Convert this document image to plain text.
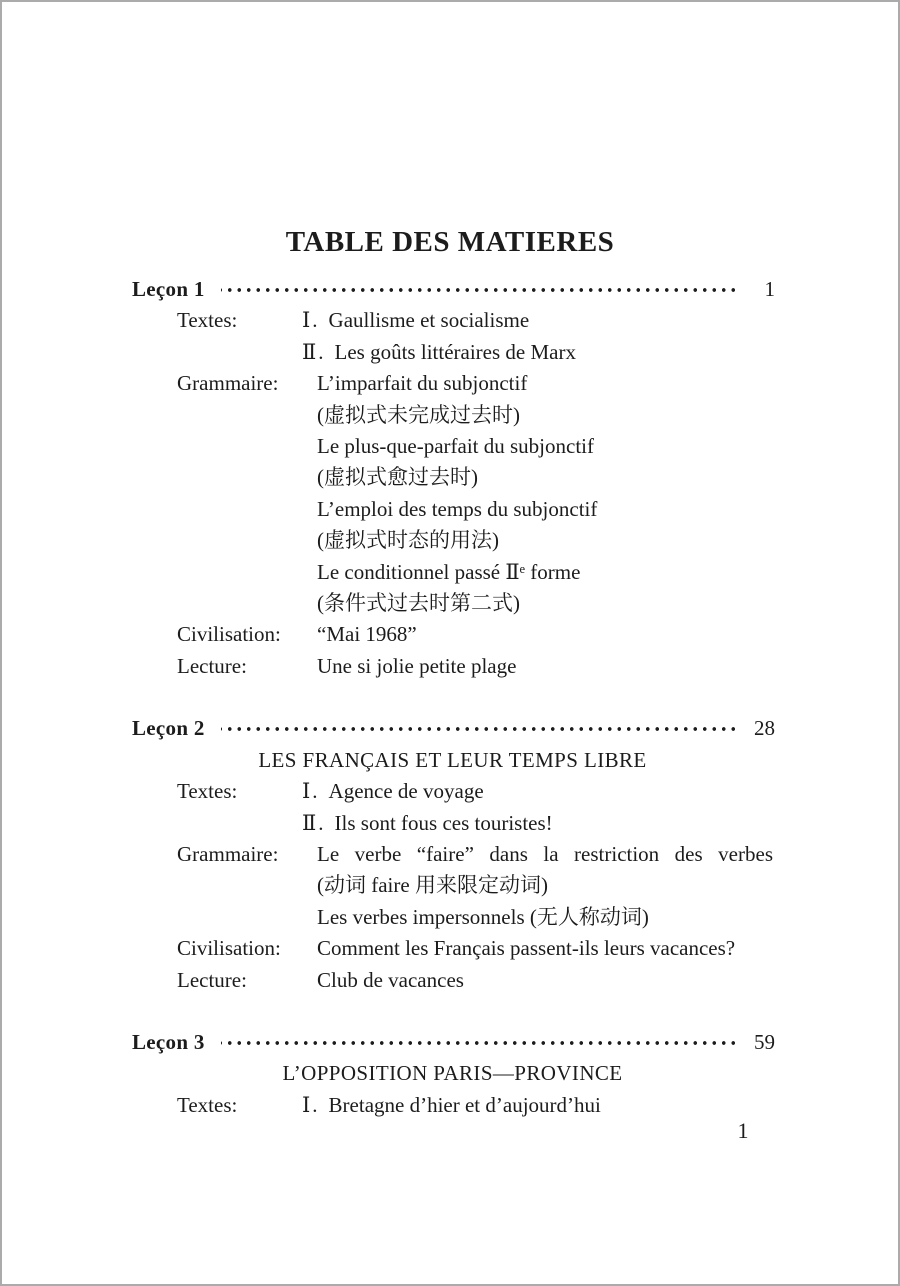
TABLE DES MATIERES
Leçon 1	1
Textes:	Ⅰ. Gaullisme et socialisme
Ⅱ. Les goûts littéraires de Marx
Grammaire:	L’imparfait du subjonctif
(虚拟式未完成过去时)
Le plus-que-parfait du subjonctif
(虚拟式愈过去时)
L’emploi des temps du subjonctif
(虚拟式时态的用法)
Le conditionnel passé Ⅱᵉ forme
(条件式过去时第二式)
Civilisation:	“Mai 1968”
Lecture:	Une si jolie petite plage
Leçon 2	28
LES FRANÇAIS ET LEUR TEMPS LIBRE
Textes:	Ⅰ. Agence de voyage
Ⅱ. Ils sont fous ces touristes!
Grammaire:	Le verbe “faire” dans la restriction des verbes
(动词 faire 用来限定动词)
Les verbes impersonnels (无人称动词)
Civilisation:	Comment les Français passent-ils leurs vacances?
Lecture:	Club de vacances
Leçon 3	59
L’OPPOSITION PARIS—PROVINCE
Textes:	Ⅰ. Bretagne d’hier et d’aujourd’hui
1
